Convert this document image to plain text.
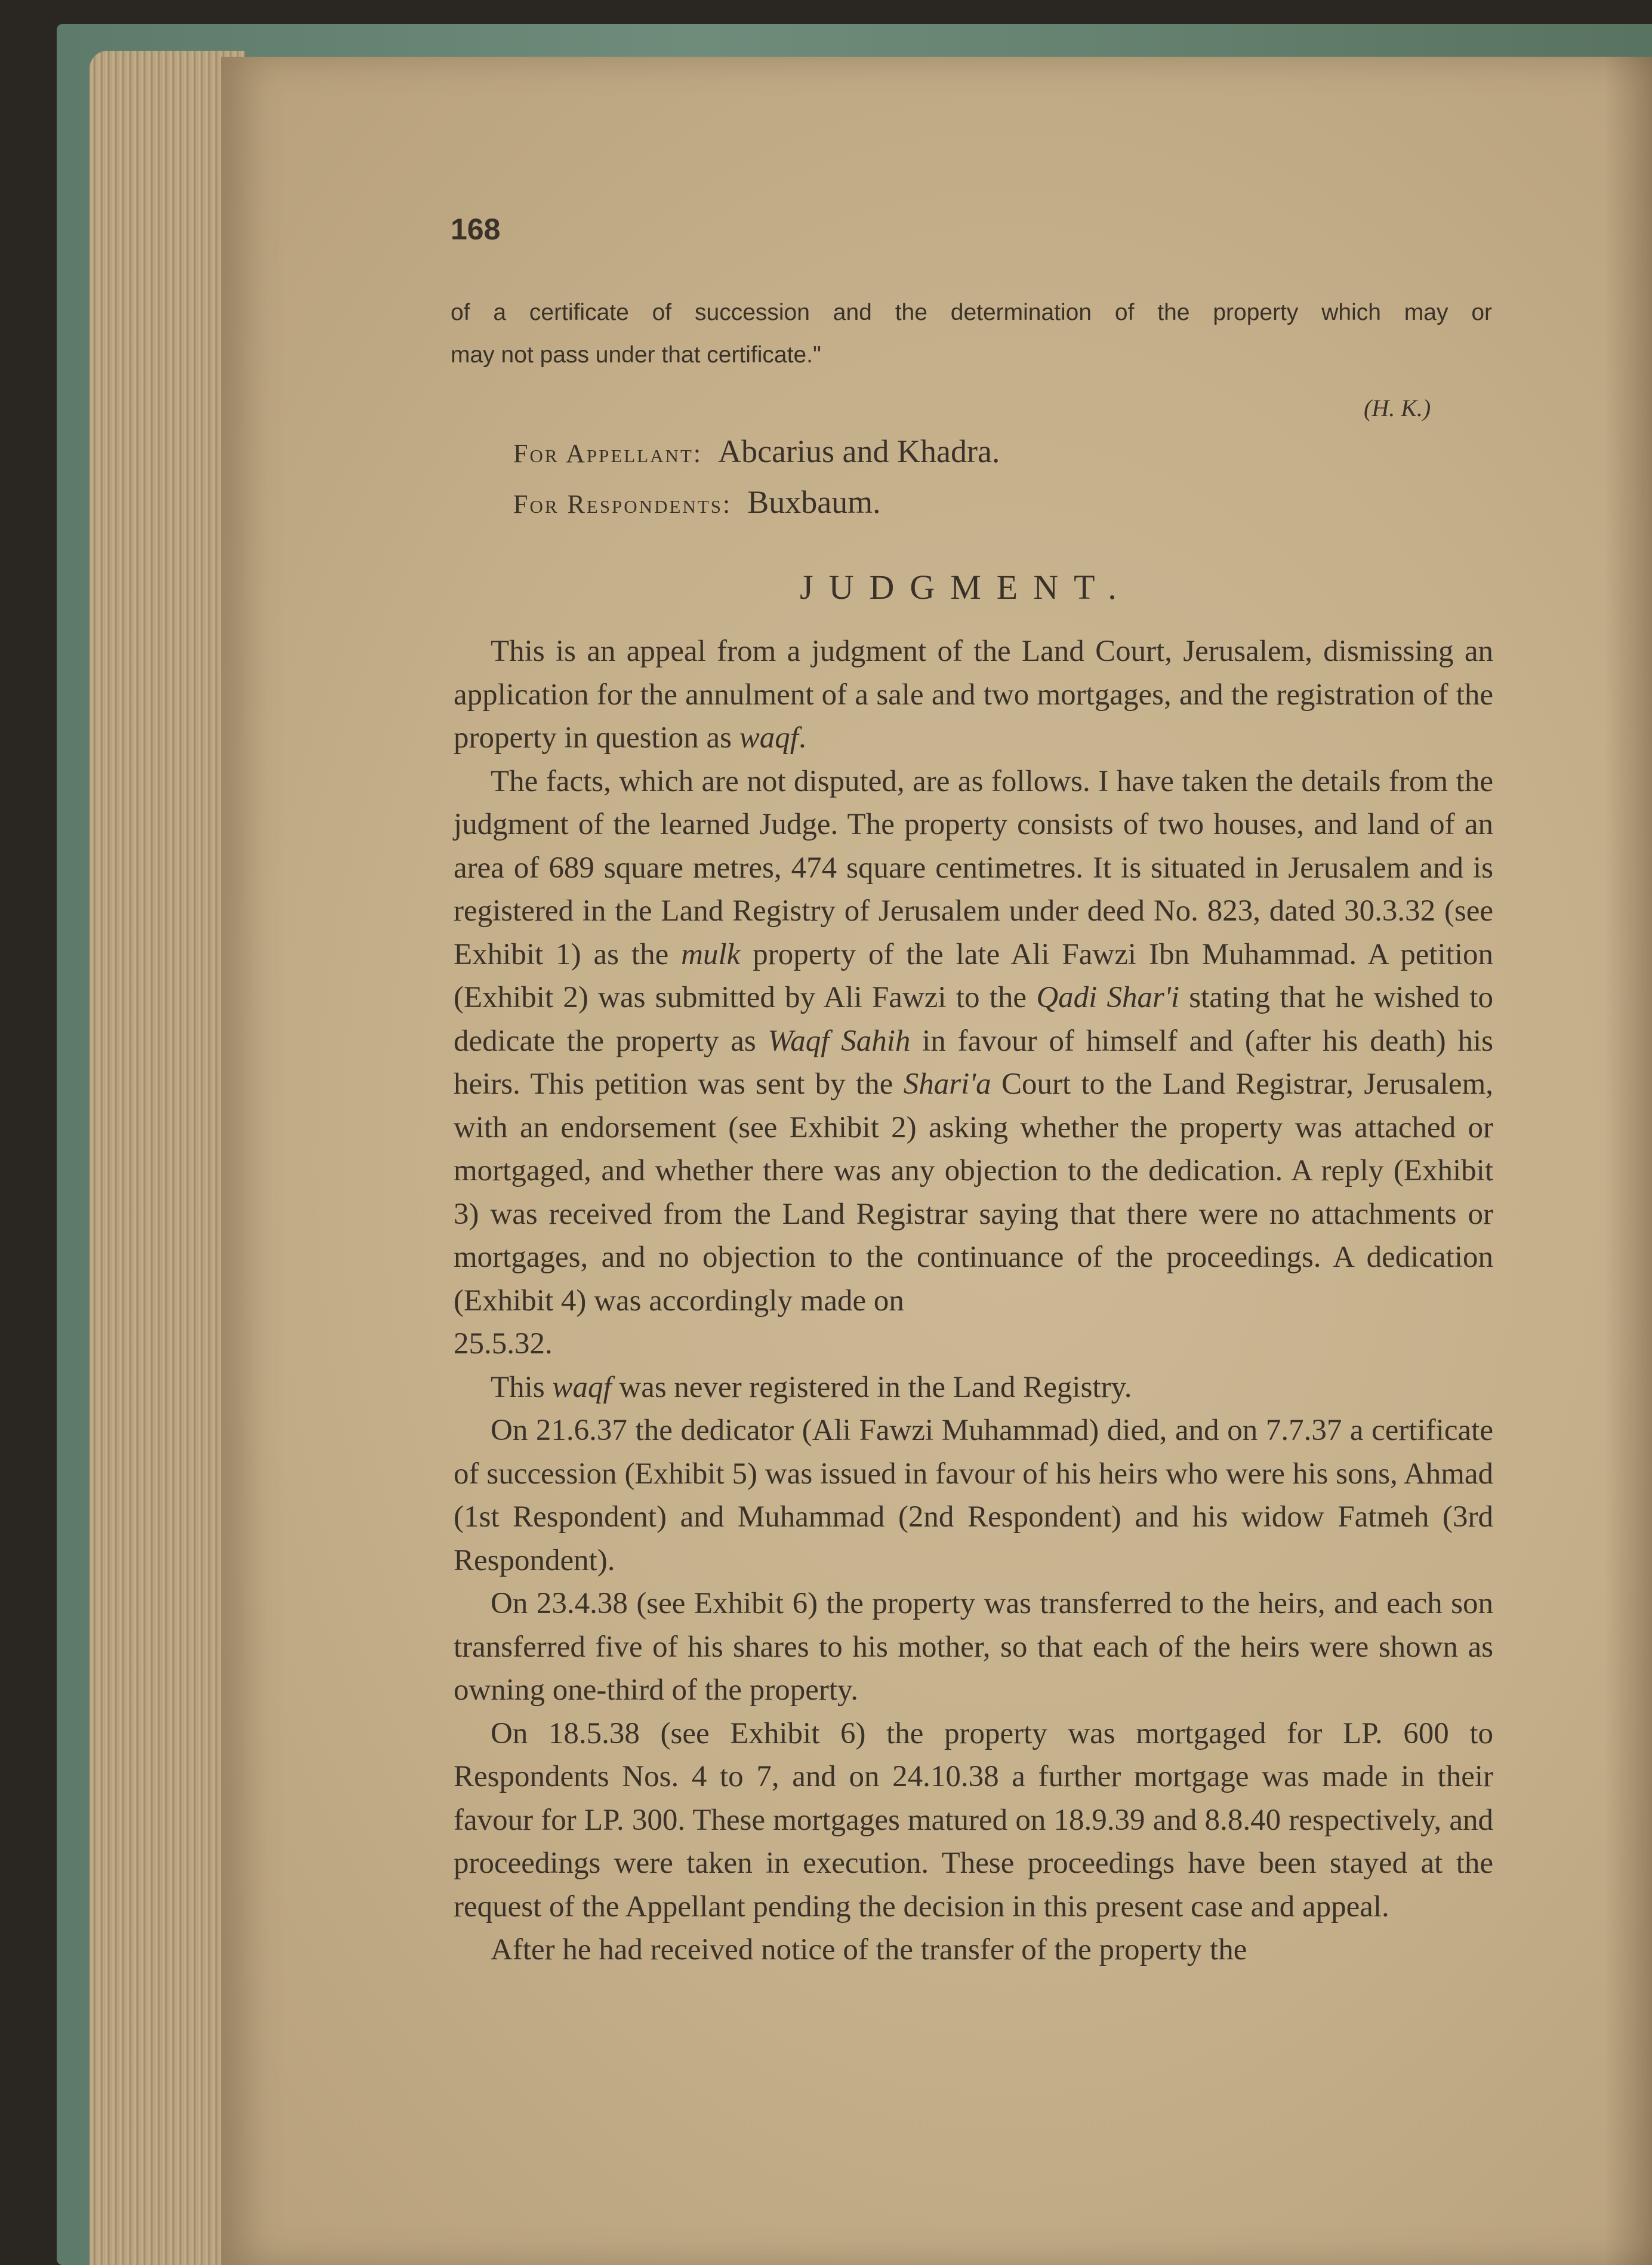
168
of a certificate of succession and the determination of the property which may or
may not pass under that certificate."
(H. K.)
For Appellant: Abcarius and Khadra.
For Respondents: Buxbaum.
JUDGMENT.

This is an appeal from a judgment of the Land Court, Jerusalem, dismissing an application for the annulment of a sale and two mortgages, and the registration of the property in question as waqf.

The facts, which are not disputed, are as follows. I have taken the details from the judgment of the learned Judge. The property consists of two houses, and land of an area of 689 square metres, 474 square centimetres. It is situated in Jerusalem and is registered in the Land Registry of Jerusalem under deed No. 823, dated 30.3.32 (see Exhibit 1) as the mulk property of the late Ali Fawzi Ibn Muhammad. A petition (Exhibit 2) was submitted by Ali Fawzi to the Qadi Shar'i stating that he wished to dedicate the property as Waqf Sahih in favour of himself and (after his death) his heirs. This petition was sent by the Shari'a Court to the Land Registrar, Jerusalem, with an endorsement (see Exhibit 2) asking whether the property was attached or mortgaged, and whether there was any objection to the dedication. A reply (Exhibit 3) was received from the Land Registrar saying that there were no attachments or mortgages, and no objection to the continuance of the proceedings. A dedication (Exhibit 4) was accordingly made on
25.5.32.

This waqf was never registered in the Land Registry.

On 21.6.37 the dedicator (Ali Fawzi Muhammad) died, and on 7.7.37 a certificate of succession (Exhibit 5) was issued in favour of his heirs who were his sons, Ahmad (1st Respondent) and Muhammad (2nd Respondent) and his widow Fatmeh (3rd Respondent).

On 23.4.38 (see Exhibit 6) the property was transferred to the heirs, and each son transferred five of his shares to his mother, so that each of the heirs were shown as owning one-third of the property.

On 18.5.38 (see Exhibit 6) the property was mortgaged for LP. 600 to Respondents Nos. 4 to 7, and on 24.10.38 a further mortgage was made in their favour for LP. 300. These mortgages matured on 18.9.39 and 8.8.40 respectively, and proceedings were taken in execution. These proceedings have been stayed at the request of the Appellant pending the decision in this present case and appeal.

After he had received notice of the transfer of the property the
